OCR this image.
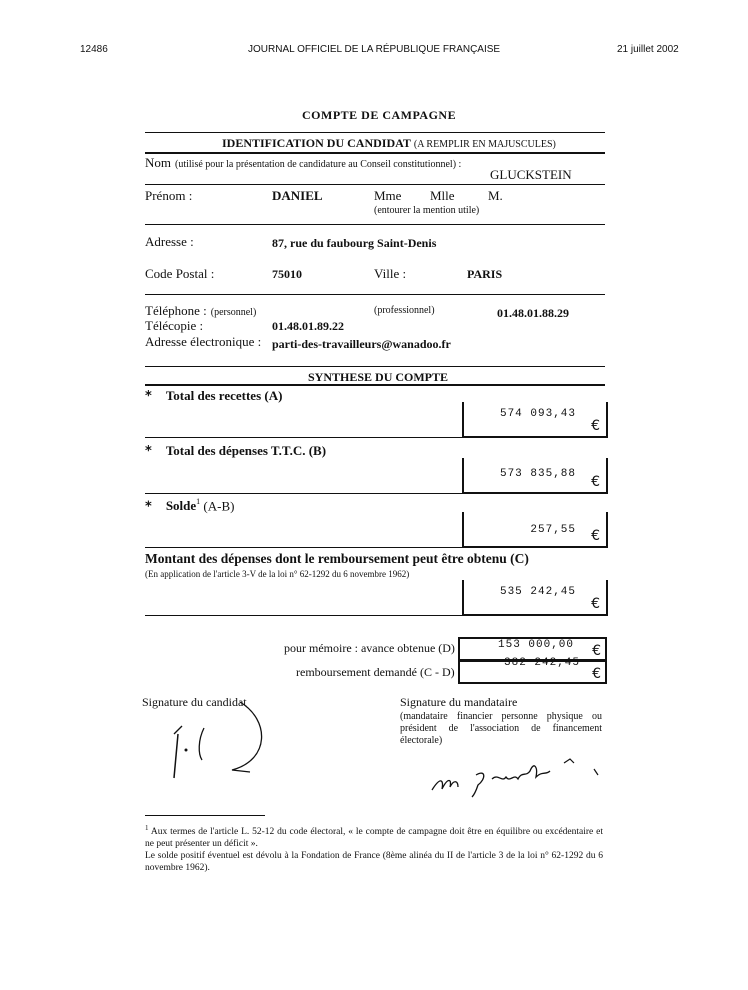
12486	JOURNAL OFFICIEL DE LA RÉPUBLIQUE FRANÇAISE	21 juillet 2002
COMPTE DE CAMPAGNE
IDENTIFICATION DU CANDIDAT (A REMPLIR EN MAJUSCULES)
Nom (utilisé pour la présentation de candidature au Conseil constitutionnel) :
GLUCKSTEIN
Prénom :	DANIEL	Mme Mlle	M.
(entourer la mention utile)
Adresse :	87, rue du faubourg Saint-Denis
Code Postal :	75010	Ville :	PARIS
Téléphone : (personnel)	(professionnel)	01.48.01.88.29
Télécopie :	01.48.01.89.22
Adresse électronique : parti-des-travailleurs@wanadoo.fr
SYNTHESE DU COMPTE
* Total des recettes (A)
574 093,43
€
* Total des dépenses T.T.C. (B)
573 835,88 €
* Solde$^1$ (A-B)
257,55 €
Montant des dépenses dont le remboursement peut être obtenu (C)
(En application de l'article 3-V de la loi n° 62-1292 du 6 novembre 1962)
535 242,45
€
pour mémoire : avance obtenue (D)	153 000,00 €
remboursement demandé (C - D)
382 242,45
€
Signature du candidat	Signature du mandataire
(mandataire financier personne physique ou président de l'association de financement électorale)
$^1$ Aux termes de l'article L. 52-12 du code électoral, « le compte de campagne doit être en équilibre ou excédentaire et ne peut présenter un déficit ».
Le solde positif éventuel est dévolu à la Fondation de France (8ème alinéa du II de l'article 3 de la loi n° 62-1292 du 6 novembre 1962).
